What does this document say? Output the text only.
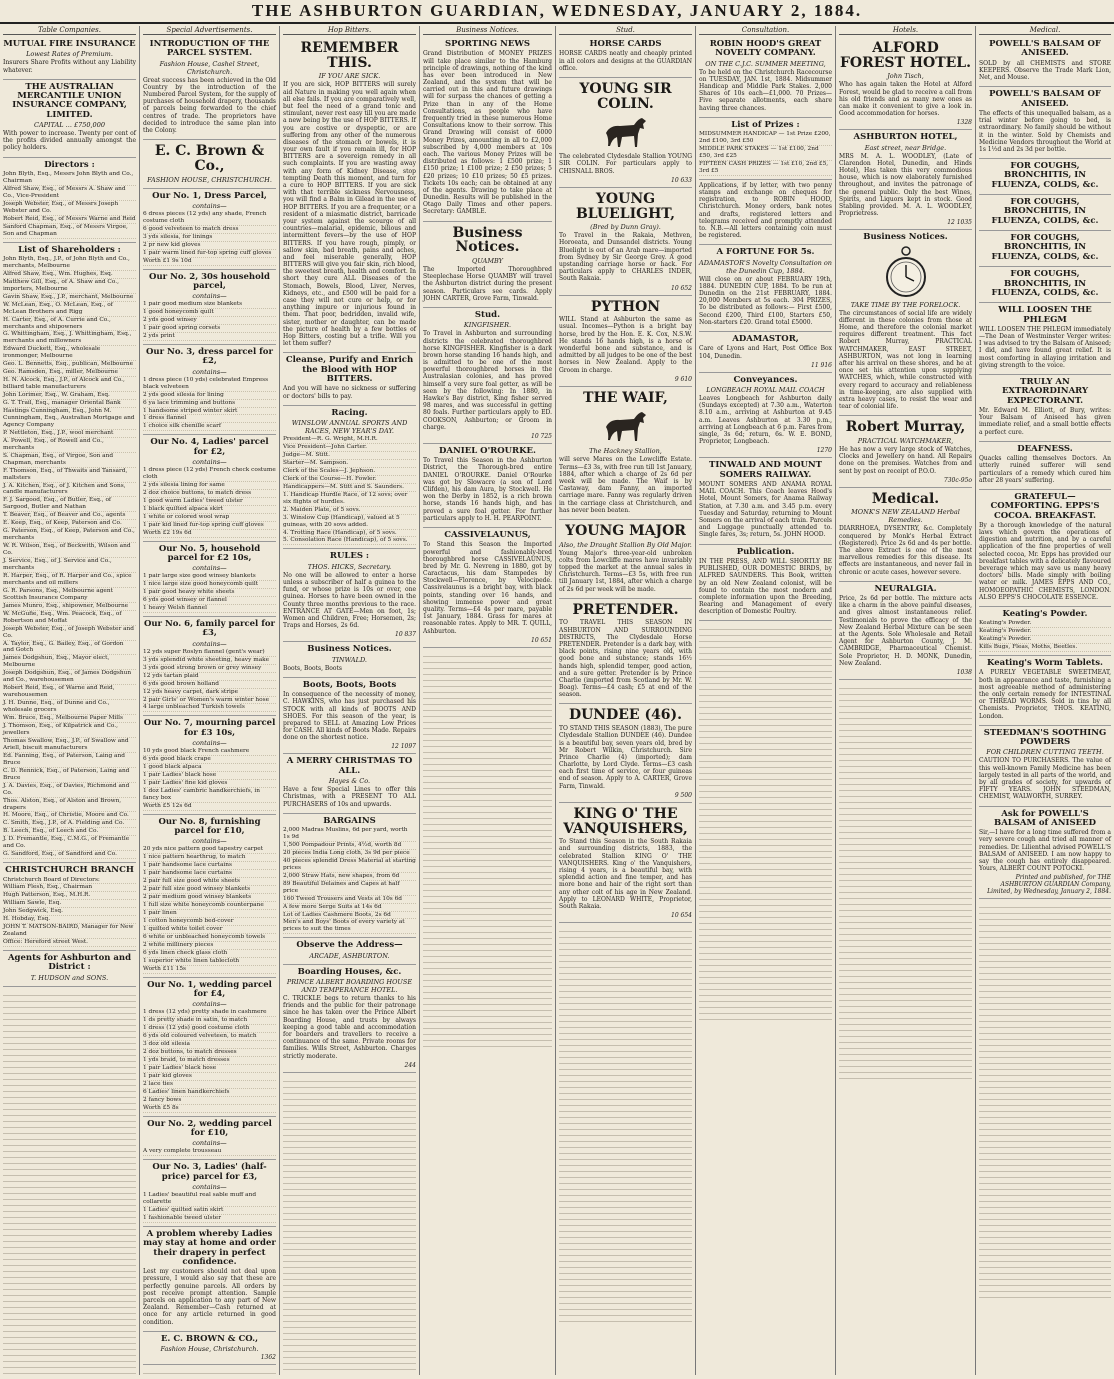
THE ASHBURTON GUARDIAN, WEDNESDAY, JANUARY 2, 1884.
Table Companies.
MUTUAL FIRE INSURANCE
Lowest Rates of Premium.

Insurers Share Profits without any Liability whatever.

THE AUSTRALIAN MERCANTILE UNION INSURANCE COMPANY, LIMITED.
CAPITAL ... £750,000

With power to increase. Twenty per cent of the profits divided annually amongst the policy holders.

Directors :
John Blyth, Esq., Messrs John Blyth and Co., Chairman
Alfred Shaw, Esq., of Messrs A. Shaw and Co., Vice-President
Joseph Webster, Esq., of Messrs Joseph Webster and Co.
Robert Reid, Esq., of Messrs Warne and Reid
Sanford Chapman, Esq., of Messrs Virgoe, Son and Chapman
List of Shareholders :
John Blyth, Esq., J.P., of John Blyth and Co., merchants, Melbourne
Alfred Shaw, Esq., Wm. Hughes, Esq.
Matthew Gill, Esq., of A. Shaw and Co., importers, Melbourne
Gavin Shaw, Esq., J.P., merchant, Melbourne
W. McLean, Esq., O. McLean, Esq., of McLean Brothers and Rigg
H. Carter, Esq., of A. Currie and Co., merchants and shipowners
G. Whittingham, Esq., J. Whittingham, Esq., merchants and millowners
Edward Duckett, Esq., wholesale ironmonger, Melbourne
Geo. L. Bennetts, Esq., publican, Melbourne
Geo. Ramsden, Esq., miller, Melbourne
H. N. Alcock, Esq., J.P., of Alcock and Co., billiard table manufacturers
John Lorimer, Esq., W. Graham, Esq.
G. T. Trail, Esq., manager Oriental Bank
Hastings Cunningham, Esq., John M. Cunningham, Esq., Australian Mortgage and Agency Company
P. Nettleton, Esq., J.P., wool merchant
A. Powell, Esq., of Rowell and Co., merchants
S. Chapman, Esq., of Virgoe, Son and Chapman, merchants
F. Thomson, Esq., of Thwaits and Tansard, maltsters
J. A. Kitchen, Esq., of J. Kitchen and Sons, candle manufacturers
F. J. Sargood, Esq., of Butler, Esq., of Sargood, Butler and Nathan
T. Beaver, Esq., of Beaver and Co., agents
E. Keep, Esq., of Keep, Paterson and Co.
G. Paterson, Esq., of Keep, Paterson and Co., merchants
W. R. Wilson, Esq., of Beckwith, Wilson and Co.
J. Service, Esq., of J. Service and Co., merchants
R. Harper, Esq., of R. Harper and Co., spice merchants and oil millers
G. R. Parsons, Esq., Melbourne agent Scottish Insurance Company
James Munro, Esq., shipowner, Melbourne
W. McGufie, Esq., Wm. Peacock, Esq., of Robertson and Moffat
Joseph Webster, Esq., of Joseph Webster and Co.
A. Taylor, Esq., G. Bailey, Esq., of Gordon and Gotch
James Dodgshun, Esq., Mayor elect, Melbourne
Joseph Dodgshun, Esq., of James Dodgshun and Co., warehousemen
Robert Reid, Esq., of Warne and Reid, warehousemen
J. H. Dunne, Esq., of Dunne and Co., wholesale grocers
Wm. Bruce, Esq., Melbourne Paper Mills
J. Thomson, Esq., of Kilpatrick and Co., jewellers
Thomas Swallow, Esq., J.P., of Swallow and Ariell, biscuit manufacturers
Ed. Fanning, Esq., of Paterson, Laing and Bruce
C. D. Rennick, Esq., of Paterson, Laing and Bruce
J. A. Davies, Esq., of Davies, Richmond and Co.
Thos. Alston, Esq., of Alston and Brown, drapers
H. Moore, Esq., of Christie, Moore and Co.
C. Smith, Esq., J.P., of A. Fielding and Co.
B. Leech, Esq., of Leech and Co.
J. D. Fremantle, Esq., C.M.G., of Fremantle and Co.
G. Sandford, Esq., of Sandford and Co.
CHRISTCHURCH BRANCH
Christchurch Board of Directors:
William Flesh, Esq., Chairman
Hugh Patterson, Esq., M.H.R.
William Sawle, Esq.
John Sedgwick, Esq.
H. Hobday, Esq.
JOHN T. MATSON-BAIRD, Manager for New Zealand
Office: Hereford street West.
Agents for Ashburton and District :
T. HUDSON and SONS.
Special Advertisements.
INTRODUCTION OF THE PARCEL SYSTEM.
Fashion House, Cashel Street, Christchurch.

Great success has been achieved in the Old Country by the introduction of the Numbered Parcel System, for the supply of purchases of household drapery, thousands of parcels being forwarded to the chief centres of trade. The proprietors have decided to introduce the same plan into the Colony.

E. C. Brown & Co.,
FASHION HOUSE, CHRISTCHURCH.
Our No. 1, Dress Parcel,
contains—
6 dress pieces (12 yds) any shade, French costume cloth
6 good velveteen to match dress
3 yds silesia, for linings
2 pr new kid gloves
1 pair warm lined fur-top spring cuff gloves
Worth £1 9s 10d
Our No. 2, 30s household parcel,
contains—
1 pair good medium size blankets
1 good honeycomb quilt
2 yds good winsey
1 pair good spring corsets
2 yds print
Our No. 3, dress parcel for £2,
contains—
1 dress piece (10 yds) celebrated Empress black velveteen
2 yds good silesia for lining
6 ya lace trimming and buttons
1 handsome striped winter skirt
1 dress flannel
1 choice silk chenille scarf
Our No. 4, Ladies' parcel for £2,
contains—
1 dress piece (12 yds) French check costume cloth
2 yds silesia lining for same
2 doz choice buttons, to match dress
1 good warm Ladies' tweed ulster
1 black quilted alpaca skirt
1 white or colored wool wrap
1 pair kid lined fur-top spring cuff gloves
Worth £2 19s 6d
Our No. 5, household parcel for £2 10s,
contains—
1 pair large size good winsey blankets
1 nice large size good honeycomb quilt
1 pair good heavy white sheets
6 yds good winsey or flannel
1 heavy Welsh flannel
Our No. 6, family parcel for £3,
contains—
12 yds super Roslyn flannel (gent's wear)
3 yds splendid white sheeting, heavy make
3 yds good strong brown or grey winsey
12 yds tartan plaid
6 yds good brown holland
12 yds heavy carpet, dark stripe
2 pair Girls' or Women's warm winter hose
4 large unbleached Turkish towels
Our No. 7, mourning parcel for £3 10s,
contains—
10 yds good black French cashmere
6 yds good black crape
1 good black alpaca
1 pair Ladies' black hose
1 pair Ladies' fine kid gloves
1 doz Ladies' cambric handkerchiefs, in fancy box
Worth £5 12s 6d
Our No. 8, furnishing parcel for £10,
contains—
20 yds nice pattern good tapestry carpet
1 nice pattern hearthrug, to match
1 pair handsome lace curtains
1 pair handsome lace curtains
2 pair full size good white sheets
2 pair full size good winsey blankets
2 pair medium good winsey blankets
1 full size white honeycomb counterpane
1 pair linen
1 cotton honeycomb bed-cover
1 quilted white toilet cover
6 white or unbleached honeycomb towels
2 white millinery pieces
6 yds linen check glass cloth
1 superior white linen tablecloth
Worth £11 15s
Our No. 1, wedding parcel for £4,
contains—
1 dress (12 yds) pretty shade in cashmere
1 ds pretty shade in satin, to match
1 dress (12 yds) good costume cloth
6 yds old coloured velveteen, to match
3 doz old silesia
2 doz buttons, to match dresses
1 yds braid, to match dresses
1 pair Ladies' black hose
1 pair kid gloves
2 lace ties
6 Ladies' linen handkerchiefs
2 fancy bows
Worth £5 8s
Our No. 2, wedding parcel for £10,
contains—
A very complete trousseau
Our No. 3, Ladies' (half-price) parcel for £3,
contains—
1 Ladies' beautiful real sable muff and collarette
1 Ladies' quilted satin skirt
1 fashionable tweed ulster
A problem whereby Ladies may stay at home and order their drapery in perfect confidence.

Lest my customers should not deal upon pressure, I would also say that these are perfectly genuine parcels. All orders by post receive prompt attention. Sample parcels on application to any part of New Zealand. Remember—Cash returned at once for any article returned in good condition.

E. C. BROWN & CO.,
Fashion House, Christchurch.
1362
Hop Bitters.
REMEMBER THIS.
IF YOU ARE SICK.

If you are sick, HOP BITTERS will surely aid Nature in making you well again when all else fails. If you are comparatively well, but feel the need of a grand tonic and stimulant, never rest easy till you are made a new being by the use of HOP BITTERS. If you are costive or dyspeptic, or are suffering from any other of the numerous diseases of the stomach or bowels, it is your own fault if you remain ill, for HOP BITTERS are a sovereign remedy in all such complaints. If you are wasting away with any form of Kidney Disease, stop tempting Death this moment, and turn for a cure to HOP BITTERS. If you are sick with that terrible sickness Nervousness, you will find a Balm in Gilead in the use of HOP BITTERS. If you are a frequenter, or a resident of a miasmatic district, barricade your system against the scourge of all countries—malarial, epidemic, bilious and intermittent fevers—by the use of HOP BITTERS. If you have rough, pimply, or sallow skin, bad breath, pains and aches, and feel miserable generally, HOP BITTERS will give you fair skin, rich blood, the sweetest breath, health and comfort. In short they cure ALL Diseases of the Stomach, Bowels, Blood, Liver, Nerves, Kidneys, etc., and £500 will be paid for a case they will not cure or help, or for anything impure or injurious found in them. That poor, bedridden, invalid wife, sister, mother or daughter, can be made the picture of health by a few bottles of Hop Bitters, costing but a trifle. Will you let them suffer?

Cleanse, Purify and Enrich the Blood with HOP BITTERS.

And you will have no sickness or suffering or doctors' bills to pay.

Racing.
WINSLOW ANNUAL SPORTS AND RACES, NEW YEAR'S DAY.
President—R. G. Wright, M.H.R.
Vice President—John Carter.
Judge—M. Stitt.
Starter—M. Sampson.
Clerk of the Scales—J. Jephson.
Clerk of the Course—H. Fowler.
Handicappers—M. Stitt and S. Saunders.
1. Handicap Hurdle Race, of 12 sovs; over six flights of hurdles.
2. Maiden Plate, of 5 sovs.
3. Winslow Cup (Handicap), valued at 5 guineas, with 20 sovs added.
4. Trotting Race (Handicap), of 5 sovs.
5. Consolation Race (Handicap), of 5 sovs.
RULES :
THOS. HICKS, Secretary.

No one will be allowed to enter a horse unless a subscriber of half a guinea to the fund, or whose prize is 10s or over, one guinea. Horses to have been owned in the County three months previous to the race. ENTRANCE AT GATE—Men on foot, 1s; Women and Children, Free; Horsemen, 2s; Traps and Horses, 2s 6d.

10 837
Business Notices.
TINWALD.

Boots, Boots, Boots

Boots, Boots, Boots

In consequence of the necessity of money, C. HAWKINS, who has just purchased his STOCK with all kinds of BOOTS AND SHOES. For this season of the year, is prepared to SELL at Amazing Low Prices for CASH. All kinds of Boots Made. Repairs done on the shortest notice.

12 1097
A MERRY CHRISTMAS TO ALL.
Hayes & Co.

Have a few Special Lines to offer this Christmas, with a PRESENT TO ALL PURCHASERS of 10s and upwards.

BARGAINS
2,000 Madras Muslins, 6d per yard, worth 1s 9d
1,500 Pompadour Prints, 4½d, worth 8d
20 pieces India Long cloth, 3s 9d per piece
40 pieces splendid Dress Material at starting prices
2,000 Straw Hats, new shapes, from 6d
89 Beautiful Delaines and Capes at half price
160 Tweed Trousers and Vests at 10s 6d
A few more Serge Suits at 14s 6d
Lot of Ladies Cashmere Boots, 2s 6d
Men's and Boys' Boots of every variety at prices to suit the times
Observe the Address—
ARCADE, ASHBURTON.
Boarding Houses, &c.
PRINCE ALBERT BOARDING HOUSE AND TEMPERANCE HOTEL.

C. TRICKLE begs to return thanks to his friends and the public for their patronage since he has taken over the Prince Albert Boarding House, and trusts by always keeping a good table and accommodation for boarders and travellers to receive a continuance of the same. Private rooms for families. Wills Street, Ashburton. Charges strictly moderate.

244
Business Notices.
SPORTING NEWS

Grand Distribution of MONEY PRIZES will take place similar to the Hamburg principle of drawings, nothing of the kind has ever been introduced in New Zealand, and the system that will be carried out in this and future drawings will for surpass the chances of getting a Prize than in any of the Home Consultations, as people who have frequently tried in these numerous Home Consultations know to their sorrow. This Grand Drawing will consist of 6000 Money Prizes, amounting in all to £2,000 subscribed by 4,000 members at 10s each. The various Money Prizes will be distributed as follows: 1 £500 prize; 1 £150 prize; 1 £100 prize; 2 £50 prizes; 5 £20 prizes; 10 £10 prizes; 50 £5 prizes. Tickets 10s each; can be obtained at any of the agents. Drawing to take place at Dunedin. Results will be published in the Otago Daily Times and other papers. Secretary: GAMBLE.

Business Notices.
QUAMBY

The Imported Thoroughbred Steeplechase Horse QUAMBY will travel the Ashburton district during the present season. Particulars see cards. Apply JOHN CARTER, Grove Farm, Tinwald.

Stud.
KINGFISHER.

To Travel in Ashburton and surrounding districts the celebrated thoroughbred horse KINGFISHER. Kingfisher is a dark brown horse standing 16 hands high, and is admitted to be one of the most powerful thoroughbred horses in the Australasian colonies, and has proved himself a very sure foal getter, as will be seen by the following: In 1880, in Hawke's Bay district, King fisher served 98 mares, and was successful in getting 80 foals. Further particulars apply to ED. COOKSON, Ashburton; or Groom in charge.

10 725
DANIEL O'ROURKE.

To Travel this Season in the Ashburton District, the Thorough-bred entire DANIEL O'ROURKE. Daniel O'Rourke was got by Slowacre (a son of Lord Clifden), his dam Aura, by Stockwell. He won the Derby in 1852, is a rich brown horse, stands 16 hands high, and has proved a sure foal getter. For further particulars apply to H. H. PEARPOINT.

CASSIVELAUNUS,

To Stand this Season the Imported powerful and fashionably-bred thoroughbred horse CASSIVELAUNUS, bred by Mr. G. Nevreng in 1880, got by Caractacus, his dam Stampedes by Stockwell—Florence, by Velocipede. Cassivelaunus is a bright bay, with black points, standing over 16 hands, and showing immense power and great quality. Terms—£4 4s per mare, payable 1st January, 1884. Grass for mares at reasonable rates. Apply to MR. T. QUILL, Ashburton.

10 651
Stud.
HORSE CARDS

HORSE CARDS neatly and cheaply printed in all colors and designs at the GUARDIAN office.

YOUNG SIR COLIN.

The celebrated Clydesdale Stallion YOUNG SIR COLIN. For particulars apply to CHISNALL BROS.

10 633
YOUNG BLUELIGHT,
(Bred by Dunn Gray).

To Travel in the Rakaia, Methven, Horoeata, and Dunsandel districts. Young Bluelight is out of an Arab mare—imported from Sydney by Sir George Grey. A good upstanding carriage horse or hack. For particulars apply to CHARLES INDER, South Rakaia.

10 652
PYTHON

WILL Stand at Ashburton the same as usual. Incomes—Python is a bright bay horse, bred by the Hon. E. K. Cox, N.S.W. He stands 16 hands high, is a horse of wonderful bone and substance, and is admitted by all judges to be one of the best horses in New Zealand. Apply to the Groom in charge.

9 610
THE WAIF,
The Hackney Stallion,

will serve Mares on the Lowcliffe Estate. Terms—£3 3s, with free run till 1st January, 1884, after which a charge of 2s 6d per week will be made. The Waif is by Castaway, dam Fanny, an imported carriage mare. Fanny was regularly driven in the carriage class at Christchurch, and has never been beaten.

YOUNG MAJOR
Also, the Draught Stallion By Old Major.

Young Major's three-year-old unbroken colts from Lowcliffe mares have invariably topped the market at the annual sales in Christchurch. Terms—£3 5s, with free run till January 1st, 1884, after which a charge of 2s 6d per week will be made.

PRETENDER.

TO TRAVEL THIS SEASON IN ASHBURTON AND SURROUNDING DISTRICTS, The Clydesdale Horse PRETENDER. Pretender is a dark bay, with black points, rising nine years old, with good bone and substance; stands 16½ hands high, splendid temper, good action, and a sure getter. Pretender is by Prince Charlie (imported from Scotland by Mr. W. Boag). Terms—£4 cash; £5 at end of the season.

DUNDEE (46).

TO STAND THIS SEASON (1883), The pure Clydesdale Stallion DUNDEE (46). Dundee is a beautiful bay, seven years old, bred by Mr Robert Wilkin, Christchurch. Sire Prince Charlie (4) (imported); dam Charlotte, by Lord Clyde. Terms—£3 cash each first time of service, or four guineas end of season. Apply to A. CARTER, Grove Farm, Tinwald.

9 500
KING O' THE VANQUISHERS,

To Stand this Season in the South Rakaia and surrounding districts, 1883, the celebrated Stallion KING O' THE VANQUISHERS. King o' the Vanquishers, rising 4 years, is a beautiful bay, with splendid action and fine temper, and has more bone and hair of the right sort than any other colt of his age in New Zealand. Apply to LEONARD WHITE, Proprietor, South Rakaia.

10 654
Consultation.
ROBIN HOOD'S GREAT NOVELTY COMPANY.
ON THE C.J.C. SUMMER MEETING,

To be held on the Christchurch Racecourse on TUESDAY, JAN. 1st, 1884. Midsummer Handicap and Middle Park Stakes. 2,000 Shares of 10s each—£1,000. 70 Prizes—Five separate allotments, each share having three chances.

List of Prizes :
MIDSUMMER HANDICAP — 1st Prize £200, 2nd £100, 3rd £50
MIDDLE PARK STAKES — 1st £100, 2nd £50, 3rd £25
FIFTEEN CASH PRIZES — 1st £10, 2nd £5, 3rd £5

Applications, if by letter, with two penny stamps and exchange on cheques for registration, to ROBIN HOOD, Christchurch. Money orders, bank notes and drafts, registered letters and telegrams received and promptly attended to. N.B.—All letters containing coin must be registered.

A FORTUNE FOR 5s.
ADAMASTOR'S Novelty Consultation on the Dunedin Cup, 1884.

Will close on or about FEBRUARY 19th, 1884. DUNEDIN CUP, 1884. To be run at Dunedin on the 21st FEBRUARY, 1884. 20,000 Members at 5s each. 304 PRIZES, To be distributed as follows:— First £500, Second £200, Third £100, Starters £50, Non-starters £20. Grand total £5000.

ADAMASTOR,

Care of Lyons and Hart, Post Office Box 104, Dunedin.

11 916
Conveyances.
LONGBEACH ROYAL MAIL COACH

Leaves Longbeach for Ashburton daily (Sundays excepted) at 7.30 a.m., Waterton 8.10 a.m., arriving at Ashburton at 9.45 a.m. Leaves Ashburton at 3.30 p.m., arriving at Longbeach at 6 p.m. Fares from single, 3s 6d; return, 6s. W. E. BOND, Proprietor, Longbeach.

1270
TINWALD AND MOUNT SOMERS RAILWAY.

MOUNT SOMERS AND ANAMA ROYAL MAIL COACH. This Coach leaves Hood's Hotel, Mount Somers, for Anama Railway Station, at 7.30 a.m. and 3.45 p.m. every Tuesday and Saturday, returning to Mount Somers on the arrival of each train. Parcels and Luggage punctually attended to. Single fares, 3s; return, 5s. JOHN HOOD.

Publication.

IN THE PRESS, AND WILL SHORTLY BE PUBLISHED, OUR DOMESTIC BIRDS, by ALFRED SAUNDERS. This Book, written by an old New Zealand colonist, will be found to contain the most modern and complete information upon the Breeding, Rearing and Management of every description of Domestic Poultry.

Hotels.
ALFORD FOREST HOTEL.
John Tisch,

Who has again taken the Hotel at Alford Forest, would be glad to receive a call from his old friends and as many new ones as can make it convenient to give a look in. Good accommodation for horses.

1328
ASHBURTON HOTEL,
East street, near Bridge.

MRS M. A. L. WOODLEY, (Late of Clarendon Hotel, Dunedin, and Hinds Hotel), Has taken this very commodious house, which is now elaborately furnished throughout, and invites the patronage of the general public. Only the best Wines, Spirits, and Liquors kept in stock. Good Stabling provided. M. A. L. WOODLEY, Proprietress.

12 1035
Business Notices.
TAKE TIME BY THE FORELOCK.

The circumstances of social life are widely different in these colonies from those at Home, and therefore the colonial market requires different treatment. This fact Robert Murray, PRACTICAL WATCHMAKER, EAST STREET, ASHBURTON, was not long in learning after his arrival on these shores, and he at once set his attention upon supplying WATCHES, which, while constructed with every regard to accuracy and reliableness in time-keeping, are also supplied with extra heavy cases, to resist the wear and tear of colonial life.

Robert Murray,
PRACTICAL WATCHMAKER,

He has now a very large stock of Watches, Clocks and Jewellery on hand. All Repairs done on the premises. Watches from and sent by post on receipt of P.O.O.

730c-95o
Medical.
MONK'S NEW ZEALAND Herbal Remedies.

DIARRHOEA, DYSENTRY, &c. Completely conquered by Monk's Herbal Extract (Registered). Price 2s 6d and 4s per bottle. The above Extract is one of the most marvellous remedies for this disease. Its effects are instantaneous, and never fail in chronic or acute cases, however severe.

NEURALGIA.

Price, 2s 6d per bottle. The mixture acts like a charm in the above painful diseases, and gives almost instantaneous relief. Testimonials to prove the efficacy of the New Zealand Herbal Mixture can be seen at the Agents. Sole Wholesale and Retail Agent for Ashburton County, J. M. CAMBRIDGE, Pharmaceutical Chemist. Sole Proprietor, H. D. MONK, Dunedin, New Zealand.

1038
Medical.
POWELL'S BALSAM OF ANISEED.

SOLD by all CHEMISTS and STORE KEEPERS. Observe the Trade Mark Lion, Net, and Mouse.

POWELL'S BALSAM OF ANISEED.

The effects of this unequalled balsam, as a trial winter before going to bed, is extraordinary. No family should be without it in the winter. Sold by Chemists and Medicine Vendors throughout the World at 1s 1½d and 2s 3d per bottle.

FOR COUGHS, BRONCHITIS, IN FLUENZA, COLDS, &c.
FOR COUGHS, BRONCHITIS, IN FLUENZA, COLDS, &c.
FOR COUGHS, BRONCHITIS, IN FLUENZA, COLDS, &c.
FOR COUGHS, BRONCHITIS, IN FLUENZA, COLDS, &c.
WILL LOOSEN THE PHLEGM

WILL LOOSEN THE PHLEGM immediately—The Dean of Westminster Verger writes: I was advised to try the Balsam of Aniseed; I did, and have found great relief. It is most comforting in allaying irritation and giving strength to the voice.

TRULY AN EXTRAORDINARY EXPECTORANT.

Mr. Edward M. Elliott, of Bury, writes: Your Balsam of Aniseed has given immediate relief, and a small bottle effects a perfect cure.

DEAFNESS.

Quacks calling themselves Doctors. An utterly ruined sufferer will send particulars of a remedy which cured him after 28 years' suffering.

GRATEFUL—COMFORTING. EPPS'S COCOA. BREAKFAST.

By a thorough knowledge of the natural laws which govern the operations of digestion and nutrition, and by a careful application of the fine properties of well selected cocoa, Mr. Epps has provided our breakfast tables with a delicately flavoured beverage which may save us many heavy doctors' bills. Made simply with boiling water or milk. JAMES EPPS AND CO., HOMOEOPATHIC CHEMISTS, LONDON. ALSO EPPS'S CHOCOLATE ESSENCE.

Keating's Powder.
Keating's Powder.
Keating's Powder.
Keating's Powder.
Kills Bugs, Fleas, Moths, Beetles.
Keating's Worm Tablets.

A PURELY VEGETABLE SWEETMEAT, both in appearance and taste, furnishing a most agreeable method of administering the only certain remedy for INTESTINAL or THREAD WORMS. Sold in tins by all Chemists. Proprietor, THOS. KEATING, London.

STEEDMAN'S SOOTHING POWDERS
FOR CHILDREN CUTTING TEETH.

CAUTION TO PURCHASERS. The value of this well-known Family Medicine has been largely tested in all parts of the world, and by all grades of society, for upwards of FIFTY YEARS. JOHN STEEDMAN, CHEMIST, WALWORTH, SURREY.

Ask for POWELL'S BALSAM of ANISEED

Sir,—I have for a long time suffered from a very severe cough and tried all manner of remedies. Dr. Lilienthal advised POWELL'S BALSAM of ANISEED. I am now happy to say the cough has entirely disappeared. Yours, ALBERT COUNT POTOCKI.

Printed and published, for THE ASHBURTON GUARDIAN Company, Limited, by Wednesday, January 2, 1884.
